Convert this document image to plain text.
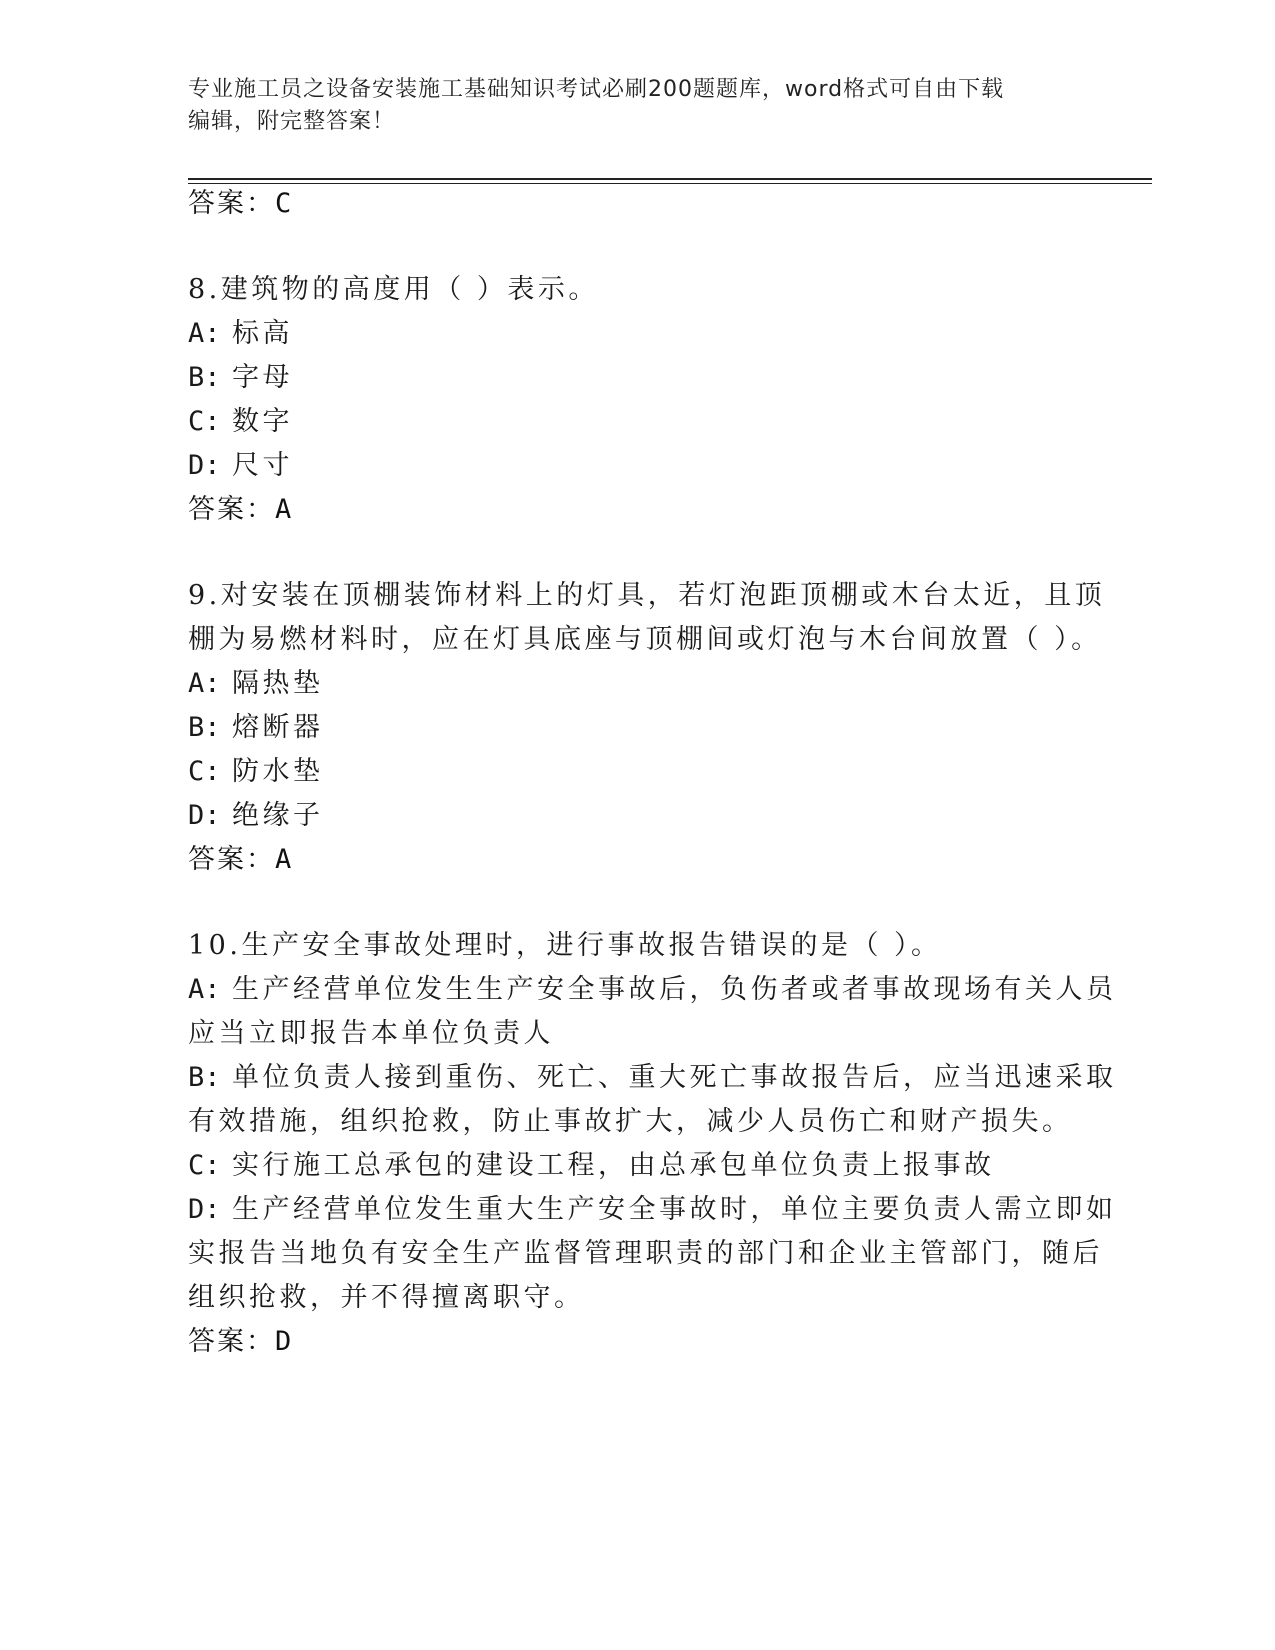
专业施工员之设备安装施工基础知识考试必刷200题题库，word格式可自由下载
编辑，附完整答案！
答案：C
8.建筑物的高度用（ ）表示。
A: 标高
B: 字母
C: 数字
D: 尺寸
答案：A
9.对安装在顶棚装饰材料上的灯具，若灯泡距顶棚或木台太近，且顶
棚为易燃材料时，应在灯具底座与顶棚间或灯泡与木台间放置（ ）。
A: 隔热垫
B: 熔断器
C: 防水垫
D: 绝缘子
答案：A
10.生产安全事故处理时，进行事故报告错误的是（ ）。
A: 生产经营单位发生生产安全事故后，负伤者或者事故现场有关人员
应当立即报告本单位负责人
B: 单位负责人接到重伤、死亡、重大死亡事故报告后，应当迅速采取
有效措施，组织抢救，防止事故扩大，减少人员伤亡和财产损失。
C: 实行施工总承包的建设工程，由总承包单位负责上报事故
D: 生产经营单位发生重大生产安全事故时，单位主要负责人需立即如
实报告当地负有安全生产监督管理职责的部门和企业主管部门，随后
组织抢救，并不得擅离职守。
答案：D
